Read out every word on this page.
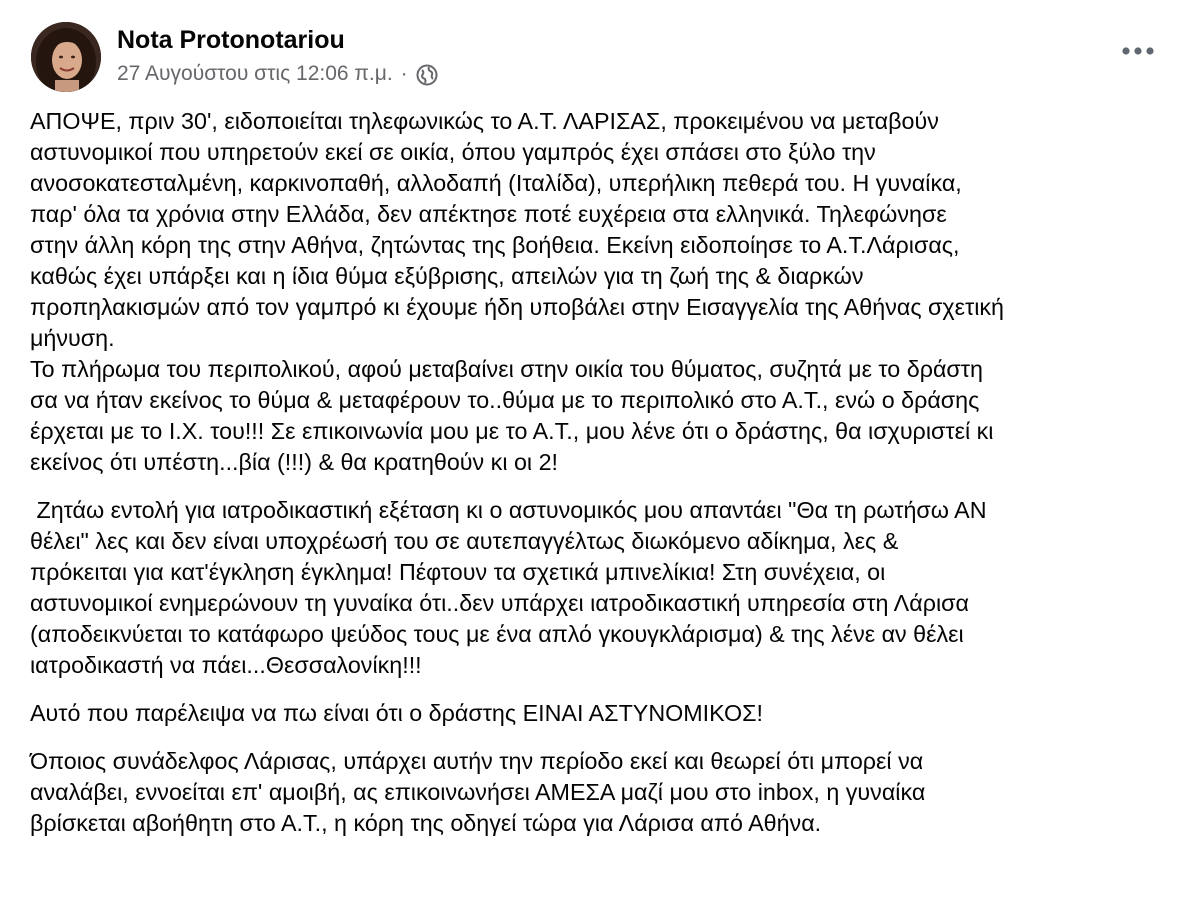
Nota Protonotariou
27 Αυγούστου στις 12:06 π.μ. ·
ΑΠΟΨΕ, πριν 30', ειδοποιείται τηλεφωνικώς το Α.Τ. ΛΑΡΙΣΑΣ, προκειμένου να μεταβούν
αστυνομικοί που υπηρετούν εκεί σε οικία, όπου γαμπρός έχει σπάσει στο ξύλο την
ανοσοκατεσταλμένη, καρκινοπαθή, αλλοδαπή (Ιταλίδα), υπερήλικη πεθερά του. Η γυναίκα,
παρ' όλα τα χρόνια στην Ελλάδα, δεν απέκτησε ποτέ ευχέρεια στα ελληνικά. Τηλεφώνησε
στην άλλη κόρη της στην Αθήνα, ζητώντας της βοήθεια. Εκείνη ειδοποίησε το Α.Τ.Λάρισας,
καθώς έχει υπάρξει και η ίδια θύμα εξύβρισης, απειλών για τη ζωή της & διαρκών
προπηλακισμών από τον γαμπρό κι έχουμε ήδη υποβάλει στην Εισαγγελία της Αθήνας σχετική
μήνυση.
Το πλήρωμα του περιπολικού, αφού μεταβαίνει στην οικία του θύματος, συζητά με το δράστη
σα να ήταν εκείνος το θύμα & μεταφέρουν το..θύμα με το περιπολικό στο Α.Τ., ενώ ο δράσης
έρχεται με το Ι.Χ. του!!! Σε επικοινωνία μου με το Α.Τ., μου λένε ότι ο δράστης, θα ισχυριστεί κι
εκείνος ότι υπέστη...βία (!!!) & θα κρατηθούν κι οι 2!
Ζητάω εντολή για ιατροδικαστική εξέταση κι ο αστυνομικός μου απαντάει "Θα τη ρωτήσω ΑΝ
θέλει" λες και δεν είναι υποχρέωσή του σε αυτεπαγγέλτως διωκόμενο αδίκημα, λες &
πρόκειται για κατ'έγκληση έγκλημα! Πέφτουν τα σχετικά μπινελίκια! Στη συνέχεια, οι
αστυνομικοί ενημερώνουν τη γυναίκα ότι..δεν υπάρχει ιατροδικαστική υπηρεσία στη Λάρισα
(αποδεικνύεται το κατάφωρο ψεύδος τους με ένα απλό γκουγκλάρισμα) & της λένε αν θέλει
ιατροδικαστή να πάει...Θεσσαλονίκη!!!
Αυτό που παρέλειψα να πω είναι ότι ο δράστης ΕΙΝΑΙ ΑΣΤΥΝΟΜΙΚΟΣ!
Όποιος συνάδελφος Λάρισας, υπάρχει αυτήν την περίοδο εκεί και θεωρεί ότι μπορεί να
αναλάβει, εννοείται επ' αμοιβή, ας επικοινωνήσει ΑΜΕΣΑ μαζί μου στο inbox, η γυναίκα
βρίσκεται αβοήθητη στο Α.Τ., η κόρη της οδηγεί τώρα για Λάρισα από Αθήνα.
